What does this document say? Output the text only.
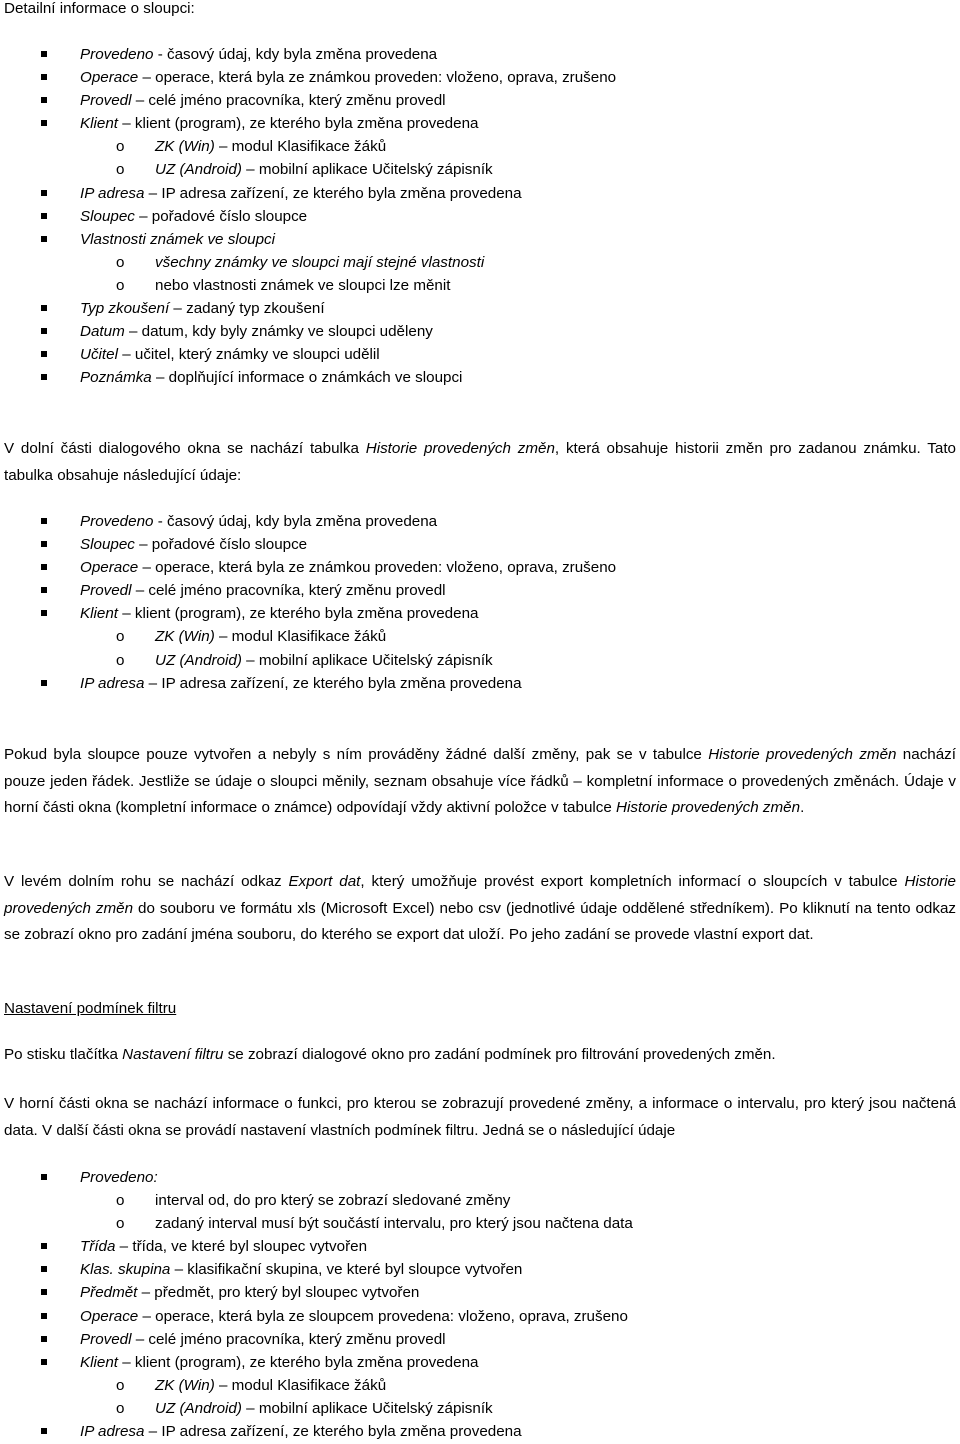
Detailní informace o sloupci:
Provedeno - časový údaj, kdy byla změna provedena
Operace – operace, která byla ze známkou proveden: vloženo, oprava, zrušeno
Provedl – celé jméno pracovníka, který změnu provedl
Klient – klient (program), ze kterého byla změna provedena
o ZK (Win) – modul Klasifikace žáků
o UZ (Android) – mobilní aplikace Učitelský zápisník
IP adresa – IP adresa zařízení, ze kterého byla změna provedena
Sloupec – pořadové číslo sloupce
Vlastnosti známek ve sloupci
o všechny známky ve sloupci mají stejné vlastnosti
o nebo vlastnosti známek ve sloupci lze měnit
Typ zkoušení – zadaný typ zkoušení
Datum – datum, kdy byly známky ve sloupci uděleny
Učitel – učitel, který známky ve sloupci udělil
Poznámka – doplňující informace o známkách ve sloupci
V dolní části dialogového okna se nachází tabulka Historie provedených změn, která obsahuje historii změn pro zadanou známku. Tato tabulka obsahuje následující údaje:
Provedeno - časový údaj, kdy byla změna provedena
Sloupec – pořadové číslo sloupce
Operace – operace, která byla ze známkou proveden: vloženo, oprava, zrušeno
Provedl – celé jméno pracovníka, který změnu provedl
Klient – klient (program), ze kterého byla změna provedena
o ZK (Win) – modul Klasifikace žáků
o UZ (Android) – mobilní aplikace Učitelský zápisník
IP adresa – IP adresa zařízení, ze kterého byla změna provedena
Pokud byla sloupce pouze vytvořen a nebyly s ním prováděny žádné další změny, pak se v tabulce Historie provedených změn nachází pouze jeden řádek. Jestliže se údaje o sloupci měnily, seznam obsahuje více řádků – kompletní informace o provedených změnách. Údaje v horní části okna (kompletní informace o známce) odpovídají vždy aktivní položce v tabulce Historie provedených změn.
V levém dolním rohu se nachází odkaz Export dat, který umožňuje provést export kompletních informací o sloupcích v tabulce Historie provedených změn do souboru ve formátu xls (Microsoft Excel) nebo csv (jednotlivé údaje oddělené středníkem). Po kliknutí na tento odkaz se zobrazí okno pro zadání jména souboru, do kterého se export dat uloží. Po jeho zadání se provede vlastní export dat.
Nastavení podmínek filtru
Po stisku tlačítka Nastavení filtru se zobrazí dialogové okno pro zadání podmínek pro filtrování provedených změn.
V horní části okna se nachází informace o funkci, pro kterou se zobrazují provedené změny, a informace o intervalu, pro který jsou načtená data. V další části okna se provádí nastavení vlastních podmínek filtru. Jedná se o následující údaje
Provedeno:
o interval od, do pro který se zobrazí sledované změny
o zadaný interval musí být součástí intervalu, pro který jsou načtena data
Třída – třída, ve které byl sloupec vytvořen
Klas. skupina – klasifikační skupina, ve které byl sloupce vytvořen
Předmět – předmět, pro který byl sloupec vytvořen
Operace – operace, která byla ze sloupcem provedena: vloženo, oprava, zrušeno
Provedl – celé jméno pracovníka, který změnu provedl
Klient – klient (program), ze kterého byla změna provedena
o ZK (Win) – modul Klasifikace žáků
o UZ (Android) – mobilní aplikace Učitelský zápisník
IP adresa – IP adresa zařízení, ze kterého byla změna provedena
